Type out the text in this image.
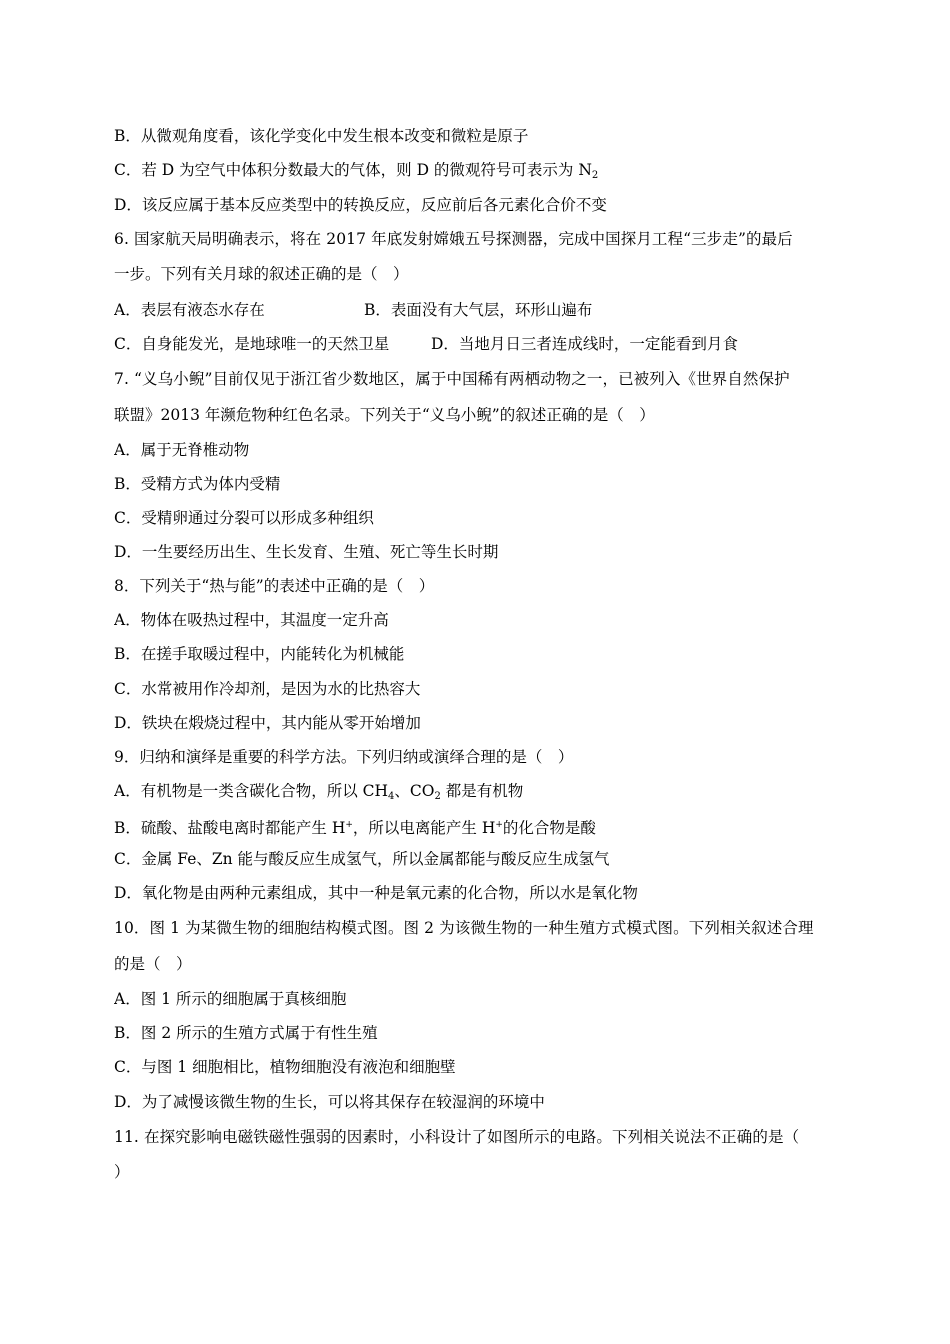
B．从微观角度看，该化学变化中发生根本改变和微粒是原子
C．若 D 为空气中体积分数最大的气体，则 D 的微观符号可表示为 $N_2$
D．该反应属于基本反应类型中的转换反应，反应前后各元素化合价不变
6. 国家航天局明确表示，将在 2017 年底发射嫦娥五号探测器，完成中国探月工程“三步走”的最后
一步。下列有关月球的叙述正确的是（　）
A．表层有液态水存在	B．表面没有大气层，环形山遍布
C．自身能发光，是地球唯一的天然卫星	D．当地月日三者连成线时，一定能看到月食
7. “义乌小鲵”目前仅见于浙江省少数地区，属于中国稀有两栖动物之一，已被列入《世界自然保护
联盟》2013 年濒危物种红色名录。下列关于“义乌小鲵”的叙述正确的是（　）
A．属于无脊椎动物
B．受精方式为体内受精
C．受精卵通过分裂可以形成多种组织
D．一生要经历出生、生长发育、生殖、死亡等生长时期
8．下列关于“热与能”的表述中正确的是（　）
A．物体在吸热过程中，其温度一定升高
B．在搓手取暖过程中，内能转化为机械能
C．水常被用作冷却剂，是因为水的比热容大
D．铁块在煅烧过程中，其内能从零开始增加
9．归纳和演绎是重要的科学方法。下列归纳或演绎合理的是（　）
A．有机物是一类含碳化合物，所以 $CH_4$、$CO_2$ 都是有机物
B．硫酸、盐酸电离时都能产生 H+，所以电离能产生 H+的化合物是酸
C．金属 Fe、Zn 能与酸反应生成氢气，所以金属都能与酸反应生成氢气
D．氧化物是由两种元素组成，其中一种是氧元素的化合物，所以水是氧化物
10．图 1 为某微生物的细胞结构模式图。图 2 为该微生物的一种生殖方式模式图。下列相关叙述合理
的是（　）
A．图 1 所示的细胞属于真核细胞
B．图 2 所示的生殖方式属于有性生殖
C．与图 1 细胞相比，植物细胞没有液泡和细胞壁
D．为了减慢该微生物的生长，可以将其保存在较湿润的环境中
11. 在探究影响电磁铁磁性强弱的因素时，小科设计了如图所示的电路。下列相关说法不正确的是（
）
